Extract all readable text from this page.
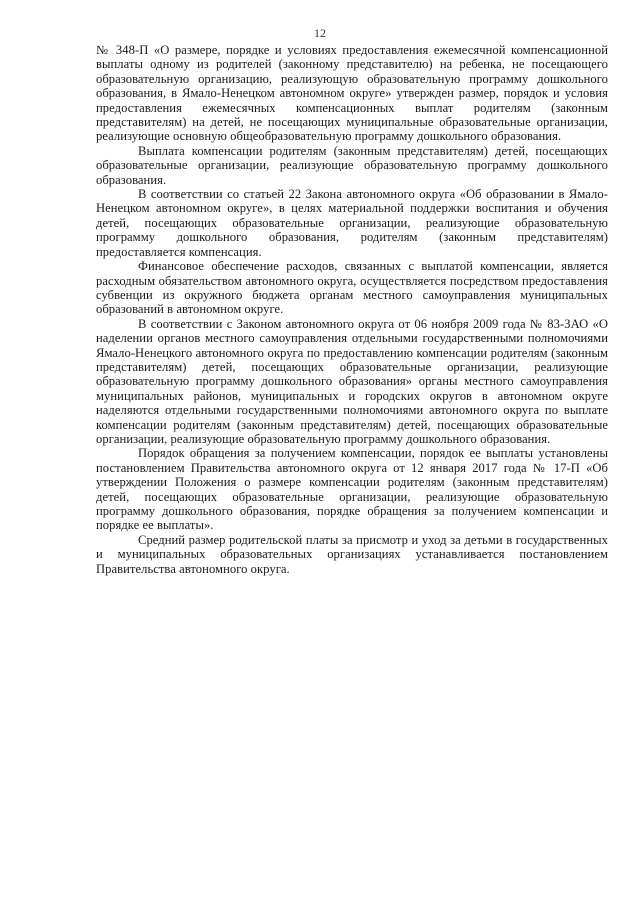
12

№ 348-П «О размере, порядке и условиях предоставления ежемесячной компенсационной выплаты одному из родителей (законному представителю) на ребенка, не посещающего образовательную организацию, реализующую образовательную программу дошкольного образования, в Ямало-Ненецком автономном округе» утвержден размер, порядок и условия предоставления ежемесячных компенсационных выплат родителям (законным представителям) на детей, не посещающих муниципальные образовательные организации, реализующие основную общеобразовательную программу дошкольного образования.

Выплата компенсации родителям (законным представителям) детей, посещающих образовательные организации, реализующие образовательную программу дошкольного образования.

В соответствии со статьей 22 Закона автономного округа «Об образовании в Ямало-Ненецком автономном округе», в целях материальной поддержки воспитания и обучения детей, посещающих образовательные организации, реализующие образовательную программу дошкольного образования, родителям (законным представителям) предоставляется компенсация.

Финансовое обеспечение расходов, связанных с выплатой компенсации, является расходным обязательством автономного округа, осуществляется посредством предоставления субвенции из окружного бюджета органам местного самоуправления муниципальных образований в автономном округе.

В соответствии с Законом автономного округа от 06 ноября 2009 года № 83-ЗАО «О наделении органов местного самоуправления отдельными государственными полномочиями Ямало-Ненецкого автономного округа по предоставлению компенсации родителям (законным представителям) детей, посещающих образовательные организации, реализующие образовательную программу дошкольного образования» органы местного самоуправления муниципальных районов, муниципальных и городских округов в автономном округе наделяются отдельными государственными полномочиями автономного округа по выплате компенсации родителям (законным представителям) детей, посещающих образовательные организации, реализующие образовательную программу дошкольного образования.

Порядок обращения за получением компенсации, порядок ее выплаты установлены постановлением Правительства автономного округа от 12 января 2017 года № 17-П «Об утверждении Положения о размере компенсации родителям (законным представителям) детей, посещающих образовательные организации, реализующие образовательную программу дошкольного образования, порядке обращения за получением компенсации и порядке ее выплаты».

Средний размер родительской платы за присмотр и уход за детьми в государственных и муниципальных образовательных организациях устанавливается постановлением Правительства автономного округа.
